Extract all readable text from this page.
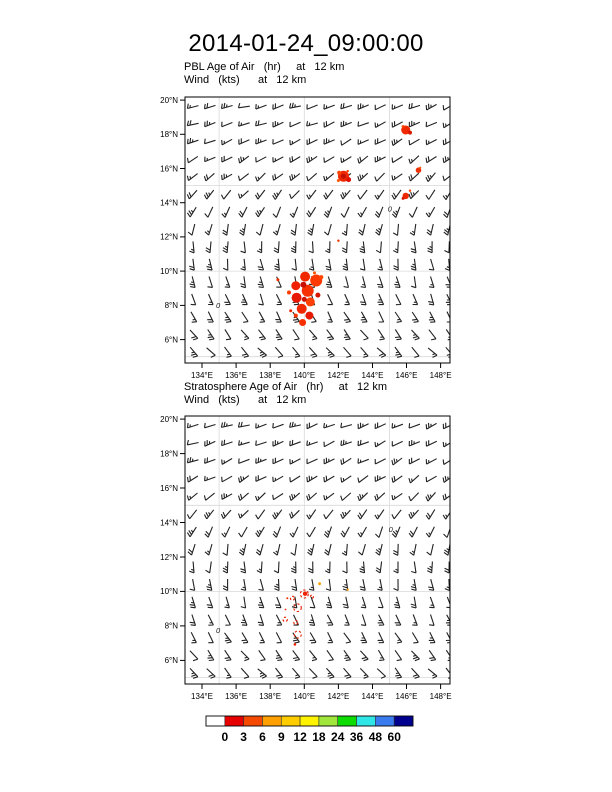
0
0
20°N
18°N
16°N
14°N
12°N
10°N
8°N
6°N
134°E 136°E 138°E 140°E 142°E 144°E 146°E 148°E
0
0
20°N
18°N
16°N
14°N
12°N
10°N
8°N
6°N
134°E 136°E 138°E 140°E 142°E 144°E 146°E 148°E
0 3 6 9 12 18 24 36 48 60
2014-01-24_09:00:00
PBL Age of Air   (hr)     at   12 km
Wind   (kts)      at   12 km
Stratosphere Age of Air   (hr)     at   12 km
Wind   (kts)      at   12 km
